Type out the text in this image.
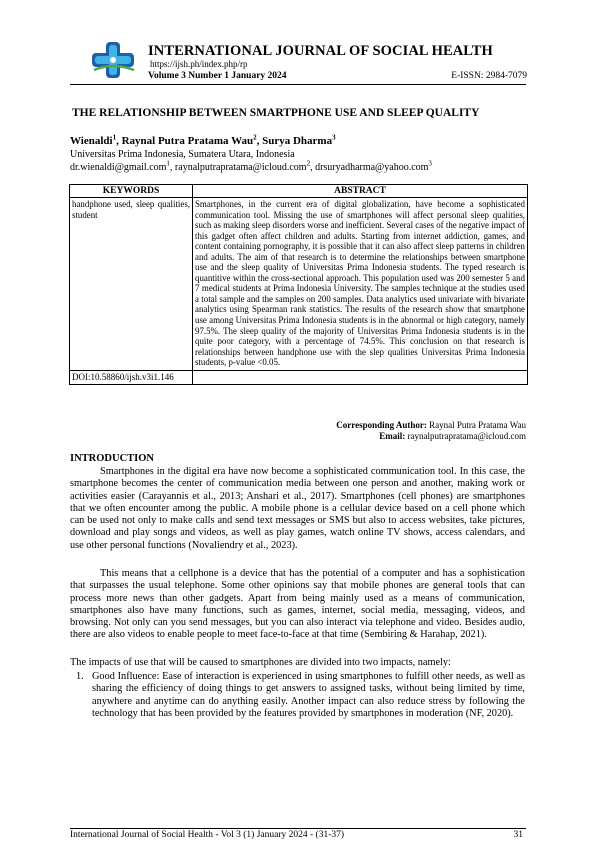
INTERNATIONAL JOURNAL OF SOCIAL HEALTH
https://ijsh.ph/index.php/rp
Volume 3 Number 1 January 2024	E-ISSN: 2984-7079
THE RELATIONSHIP BETWEEN SMARTPHONE USE AND SLEEP QUALITY
Wienaldi$^1$, Raynal Putra Pratama Wau$^2$, Surya Dharma$^3$
Universitas Prima Indonesia, Sumatera Utara, Indonesia
dr.wienaldi@gmail.com$^1$, raynalputrapratama@icloud.com$^2$, drsuryadharma@yahoo.com$^3$
KEYWORDS	ABSTRACT
handphone used, sleep qualities, student	Smartphones, in the current era of digital globalization, have become a sophisticated communication tool. Missing the use of smartphones will affect personal sleep qualities, such as making sleep disorders worse and inefficient. Several cases of the negative impact of this gadget often affect children and adults. Starting from internet addiction, games, and content containing pornography, it is possible that it can also affect sleep patterns in children and adults. The aim of that research is to determine the relationships between smartphone use and the sleep quality of Universitas Prima Indonesia students. The typed research is quantitive within the cross-sectional approach. This population used was 200 semester 5 and 7 medical students at Prima Indonesia University. The samples technique at the studies used a total sample and the samples on 200 samples. Data analytics used univariate with bivariate analytics using Spearman rank statistics. The results of the research show that smartphone use among Universitas Prima Indonesia students is in the abnormal or high category, namely 97.5%. The sleep quality of the majority of Universitas Prima Indonesia students is in the quite poor category, with a percentage of 74.5%. This conclusion on that research is relationships between handphone use with the slep qualities Universitas Prima Indonesia students, p-value <0.05.
DOI:10.58860/ijsh.v3i1.146	
Corresponding Author: Raynal Putra Pratama Wau
Email: raynalputrapratama@icloud.com
INTRODUCTION
Smartphones in the digital era have now become a sophisticated communication tool. In this case, the smartphone becomes the center of communication media between one person and another, making work or activities easier (Carayannis et al., 2013; Anshari et al., 2017). Smartphones (cell phones) are smartphones that we often encounter among the public. A mobile phone is a cellular device based on a cell phone which can be used not only to make calls and send text messages or SMS but also to access websites, take pictures, download and play songs and videos, as well as play games, watch online TV shows, access calendars, and use other personal functions (Novaliendry et al., 2023).
This means that a cellphone is a device that has the potential of a computer and has a sophistication that surpasses the usual telephone. Some other opinions say that mobile phones are general tools that can process more news than other gadgets. Apart from being mainly used as a means of communication, smartphones also have many functions, such as games, internet, social media, messaging, videos, and browsing. Not only can you send messages, but you can also interact via telephone and video. Besides audio, there are also videos to enable people to meet face-to-face at that time (Sembiring & Harahap, 2021).
The impacts of use that will be caused to smartphones are divided into two impacts, namely:
1. Good Influence: Ease of interaction is experienced in using smartphones to fulfill other needs, as well as sharing the efficiency of doing things to get answers to assigned tasks, without being limited by time, anywhere and anytime can do anything easily. Another impact can also reduce stress by following the technology that has been provided by the features provided by smartphones in moderation (NF, 2020).
International Journal of Social Health - Vol 3 (1) January 2024 - (31-37)	31
